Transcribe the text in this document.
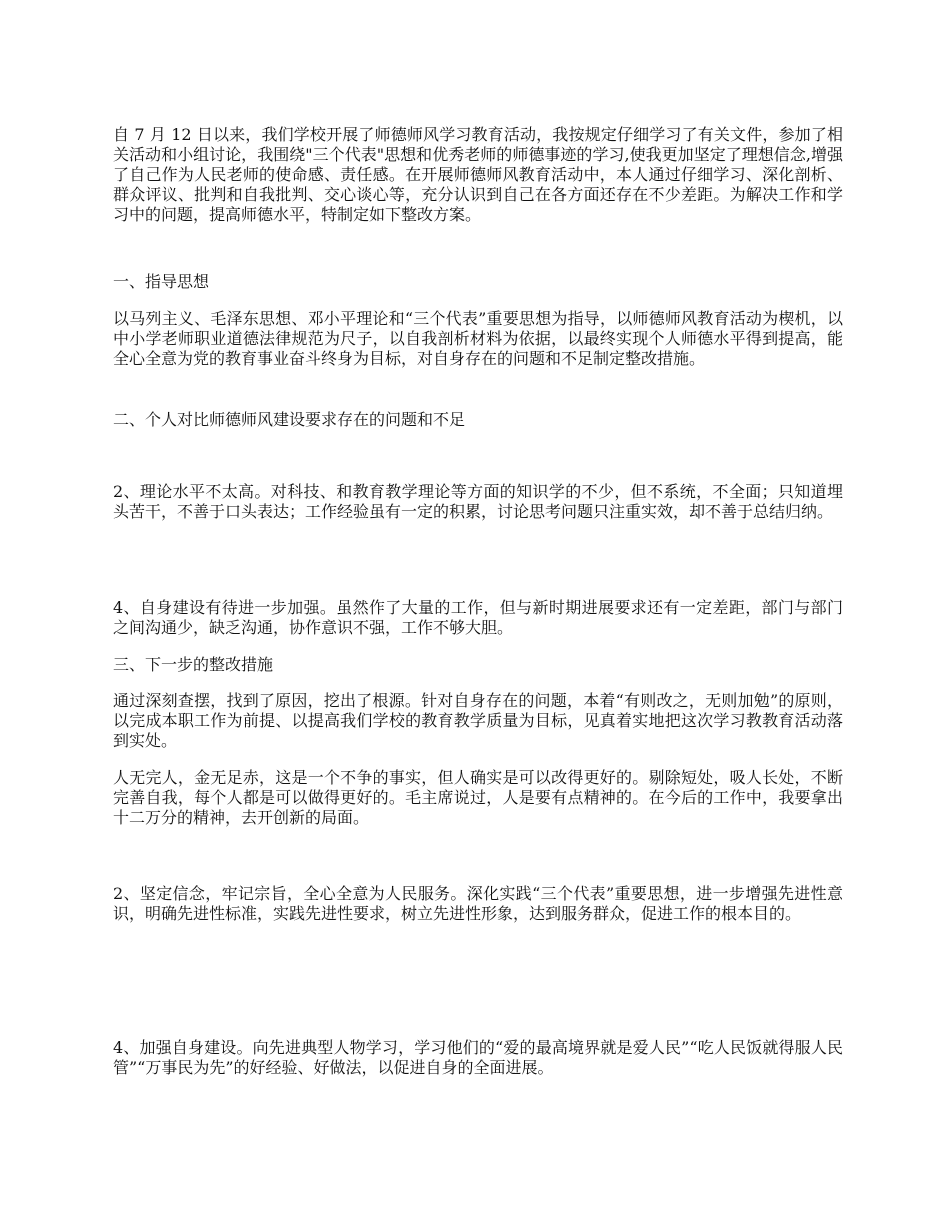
自 7 月 12 日以来，我们学校开展了师德师风学习教育活动，我按规定仔细学习了有关文件，参加了相关活动和小组讨论，我围绕"三个代表"思想和优秀老师的师德事迹的学习,使我更加坚定了理想信念,增强了自己作为人民老师的使命感、责任感。在开展师德师风教育活动中，本人通过仔细学习、深化剖析、群众评议、批判和自我批判、交心谈心等，充分认识到自己在各方面还存在不少差距。为解决工作和学习中的问题，提高师德水平，特制定如下整改方案。

一、指导思想

以马列主义、毛泽东思想、邓小平理论和“三个代表”重要思想为指导，以师德师风教育活动为楔机，以中小学老师职业道德法律规范为尺子，以自我剖析材料为依据，以最终实现个人师德水平得到提高，能全心全意为党的教育事业奋斗终身为目标，对自身存在的问题和不足制定整改措施。

二、个人对比师德师风建设要求存在的问题和不足

2、理论水平不太高。对科技、和教育教学理论等方面的知识学的不少，但不系统，不全面；只知道埋头苦干，不善于口头表达；工作经验虽有一定的积累，讨论思考问题只注重实效，却不善于总结归纳。

4、自身建设有待进一步加强。虽然作了大量的工作，但与新时期进展要求还有一定差距，部门与部门之间沟通少，缺乏沟通，协作意识不强，工作不够大胆。

三、下一步的整改措施

通过深刻查摆，找到了原因，挖出了根源。针对自身存在的问题，本着“有则改之，无则加勉”的原则，以完成本职工作为前提、以提高我们学校的教育教学质量为目标，见真着实地把这次学习教教育活动落到实处。

人无完人，金无足赤，这是一个不争的事实，但人确实是可以改得更好的。剔除短处，吸人长处，不断完善自我，每个人都是可以做得更好的。毛主席说过，人是要有点精神的。在今后的工作中，我要拿出十二万分的精神，去开创新的局面。

2、坚定信念，牢记宗旨，全心全意为人民服务。深化实践“三个代表”重要思想，进一步增强先进性意识，明确先进性标准，实践先进性要求，树立先进性形象，达到服务群众，促进工作的根本目的。

4、加强自身建设。向先进典型人物学习，学习他们的“爱的最高境界就是爱人民”“吃人民饭就得服人民管”“万事民为先”的好经验、好做法，以促进自身的全面进展。
